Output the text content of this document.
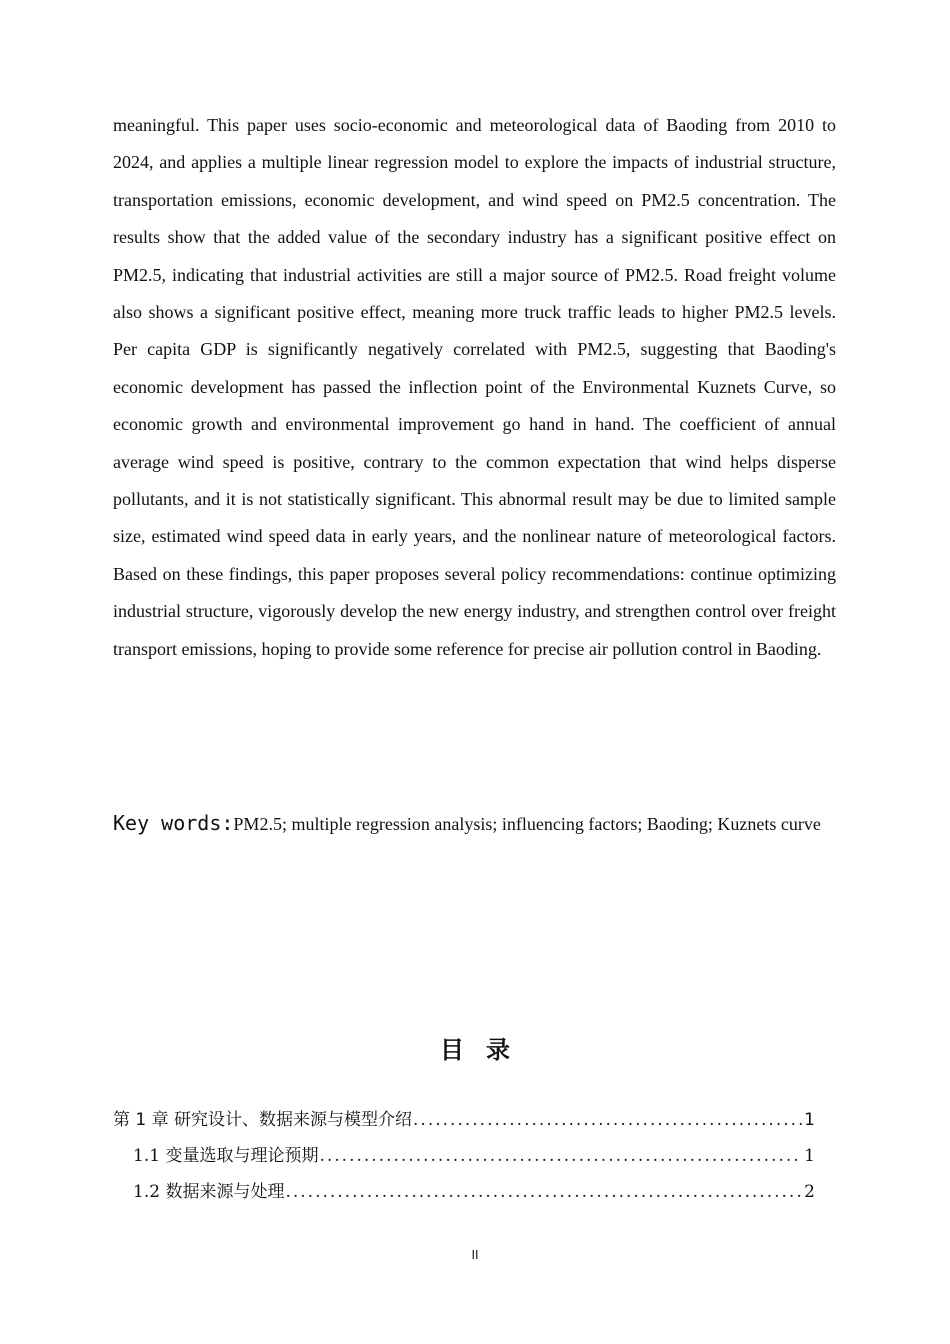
meaningful. This paper uses socio-economic and meteorological data of Baoding from 2010 to 2024, and applies a multiple linear regression model to explore the impacts of industrial structure, transportation emissions, economic development, and wind speed on PM2.5 concentration. The results show that the added value of the secondary industry has a significant positive effect on PM2.5, indicating that industrial activities are still a major source of PM2.5. Road freight volume also shows a significant positive effect, meaning more truck traffic leads to higher PM2.5 levels. Per capita GDP is significantly negatively correlated with PM2.5, suggesting that Baoding's economic development has passed the inflection point of the Environmental Kuznets Curve, so economic growth and environmental improvement go hand in hand. The coefficient of annual average wind speed is positive, contrary to the common expectation that wind helps disperse pollutants, and it is not statistically significant. This abnormal result may be due to limited sample size, estimated wind speed data in early years, and the nonlinear nature of meteorological factors. Based on these findings, this paper proposes several policy recommendations: continue optimizing industrial structure, vigorously develop the new energy industry, and strengthen control over freight transport emissions, hoping to provide some reference for precise air pollution control in Baoding.

Key words:PM2.5; multiple regression analysis; influencing factors; Baoding; Kuznets curve

目录
第 1 章 研究设计、数据来源与模型介绍 .....	1
1.1 变量选取与理论预期 .....	1
1.2 数据来源与处理 .....	2
II
